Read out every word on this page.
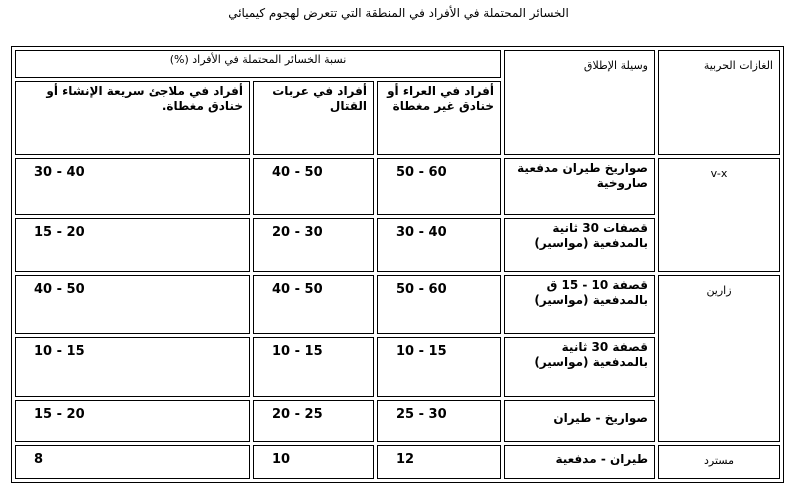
الخسائر المحتملة في الأفراد في المنطقة التي تتعرض لهجوم كيميائي
الغازات الحربية	وسيلة الإطلاق	نسبة الخسائر المحتملة في الأفراد (%)		
		أفراد في العراء أو خنادق غير مغطاة	أفراد في عربات القتال	أفراد في ملاجئ سريعة الإنشاء أو خنادق مغطاة.
v-x	صواريخ طيران مدفعية صاروخية	50 - 60	40 - 50	30 - 40
	قصفات 30 ثانية بالمدفعية (مواسير)	30 - 40	20 - 30	15 - 20
زارين	قصفة 10 - 15 ق بالمدفعية (مواسير)	50 - 60	40 - 50	40 - 50
	قصفة 30 ثانية بالمدفعية (مواسير)	10 - 15	10 - 15	10 - 15
	صواريخ - طيران	25 - 30	20 - 25	15 - 20
مسترد	طيران - مدفعية	12	10	8
